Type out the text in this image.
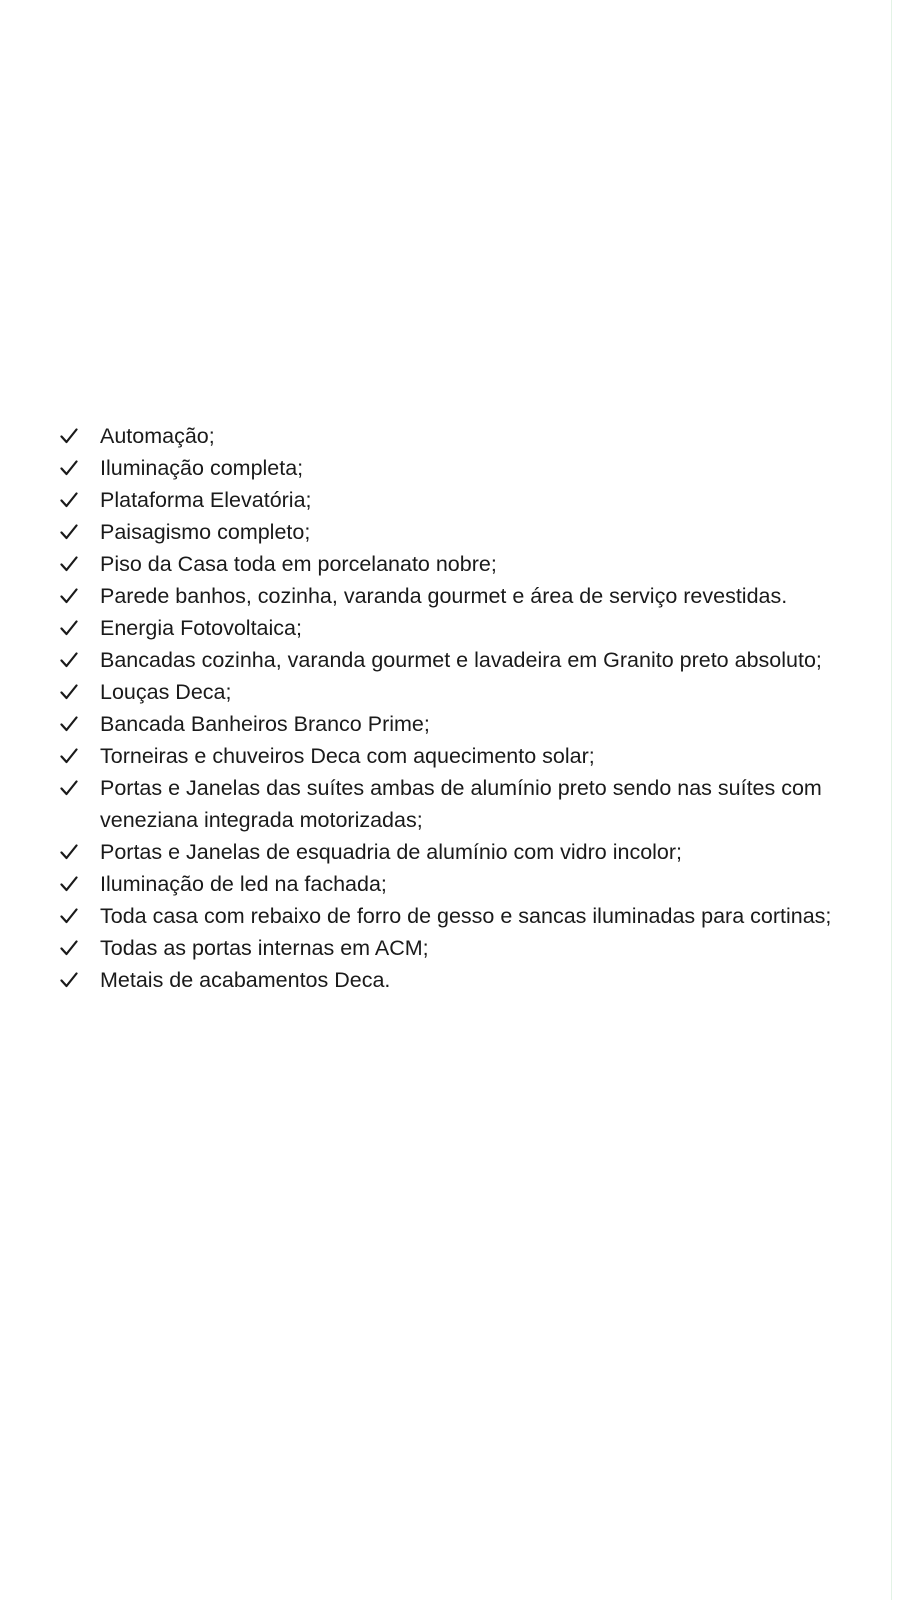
Automação;
Iluminação completa;
Plataforma Elevatória;
Paisagismo completo;
Piso da Casa toda em porcelanato nobre;
Parede banhos, cozinha, varanda gourmet e área de serviço revestidas.
Energia Fotovoltaica;
Bancadas cozinha, varanda gourmet e lavadeira em Granito preto absoluto;
Louças Deca;
Bancada Banheiros Branco Prime;
Torneiras e chuveiros Deca com aquecimento solar;
Portas e Janelas das suítes ambas de alumínio preto sendo nas suítes com veneziana integrada motorizadas;
Portas e Janelas de esquadria de alumínio com vidro incolor;
Iluminação de led na fachada;
Toda casa com rebaixo de forro de gesso e sancas iluminadas para cortinas;
Todas as portas internas em ACM;
Metais de acabamentos Deca.
